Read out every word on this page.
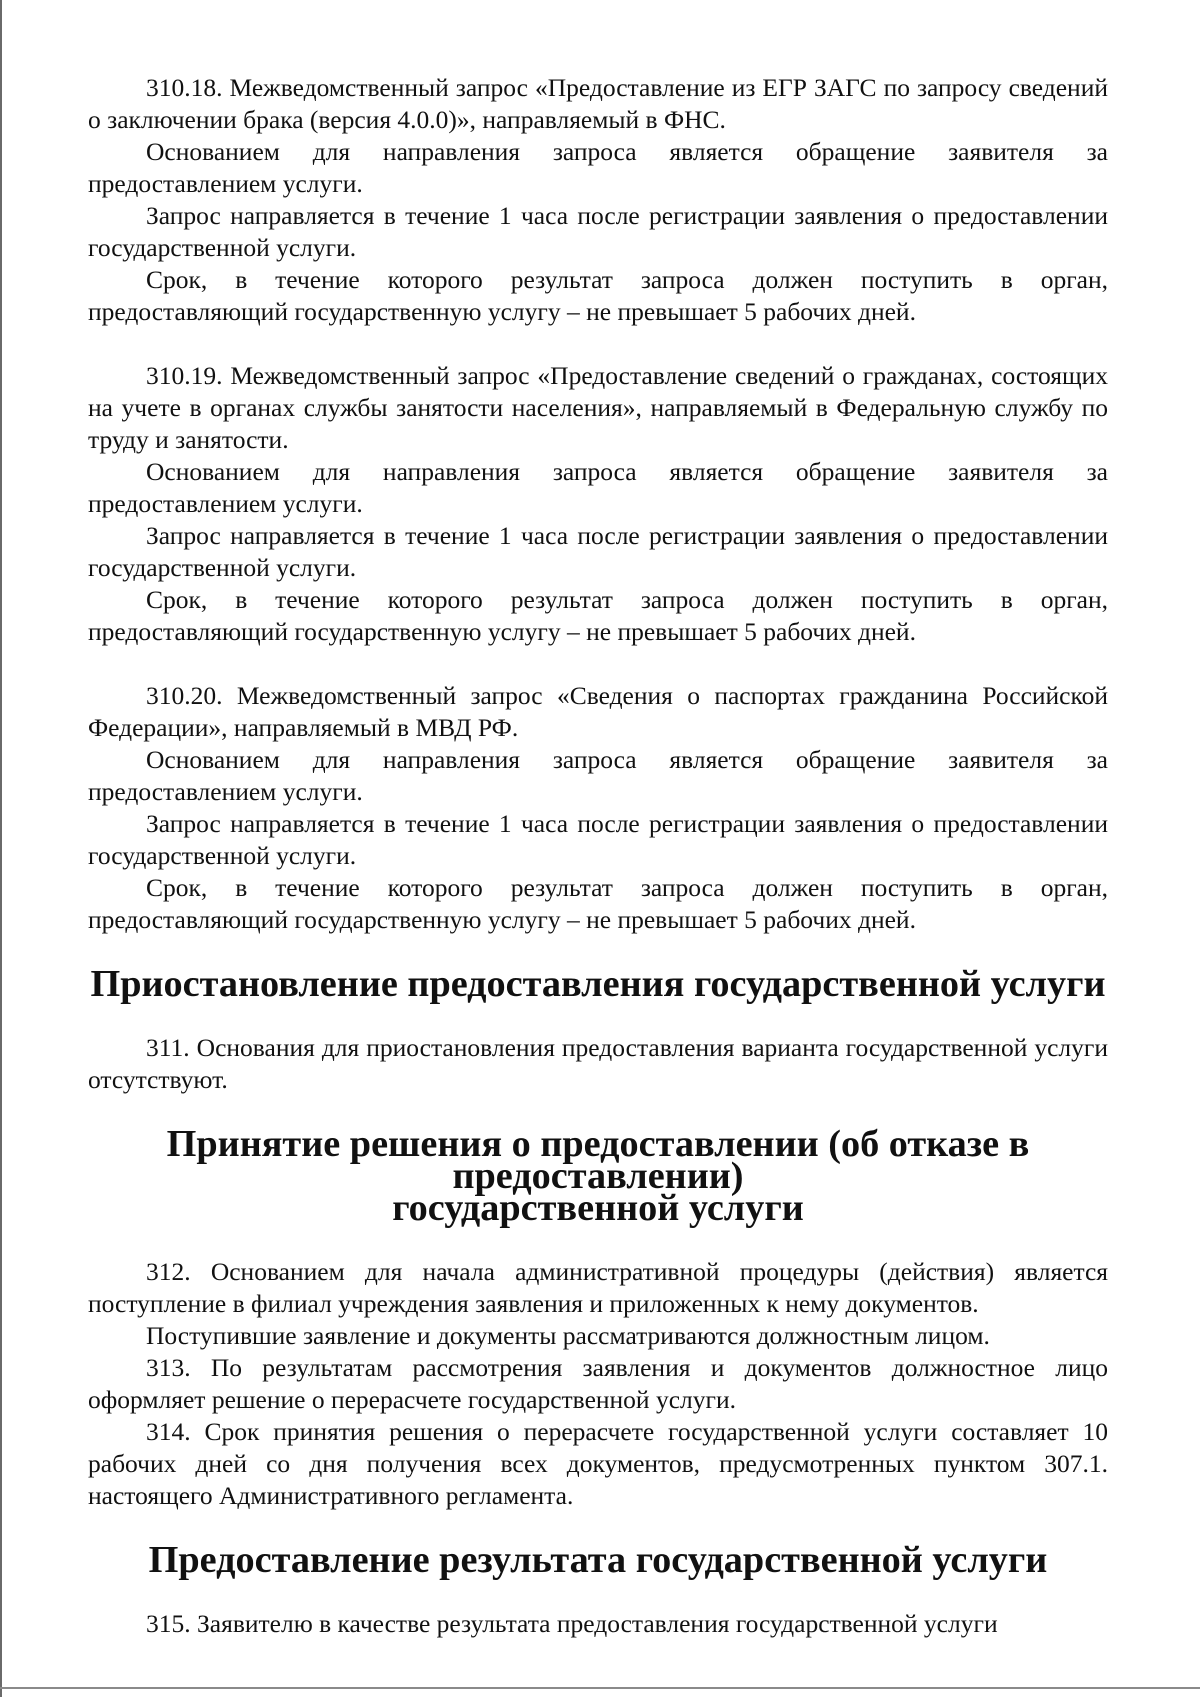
310.18. Межведомственный запрос «Предоставление из ЕГР ЗАГС по запросу сведений о заключении брака (версия 4.0.0)», направляемый в ФНС.

Основанием для направления запроса является обращение заявителя за предоставлением услуги.

Запрос направляется в течение 1 часа после регистрации заявления о предоставлении государственной услуги.

Срок, в течение которого результат запроса должен поступить в орган, предоставляющий государственную услугу – не превышает 5 рабочих дней.

310.19. Межведомственный запрос «Предоставление сведений о гражданах, состоящих на учете в органах службы занятости населения», направляемый в Федеральную службу по труду и занятости.

Основанием для направления запроса является обращение заявителя за предоставлением услуги.

Запрос направляется в течение 1 часа после регистрации заявления о предоставлении государственной услуги.

Срок, в течение которого результат запроса должен поступить в орган, предоставляющий государственную услугу – не превышает 5 рабочих дней.

310.20. Межведомственный запрос «Сведения о паспортах гражданина Российской Федерации», направляемый в МВД РФ.

Основанием для направления запроса является обращение заявителя за предоставлением услуги.

Запрос направляется в течение 1 часа после регистрации заявления о предоставлении государственной услуги.

Срок, в течение которого результат запроса должен поступить в орган, предоставляющий государственную услугу – не превышает 5 рабочих дней.

Приостановление предоставления государственной услуги

311. Основания для приостановления предоставления варианта государственной услуги отсутствуют.

Принятие решения о предоставлении (об отказе в предоставлении)
государственной услуги

312. Основанием для начала административной процедуры (действия) является поступление в филиал учреждения заявления и приложенных к нему документов.

Поступившие заявление и документы рассматриваются должностным лицом.

313. По результатам рассмотрения заявления и документов должностное лицо оформляет решение о перерасчете государственной услуги.

314. Срок принятия решения о перерасчете государственной услуги составляет 10 рабочих дней со дня получения всех документов, предусмотренных пунктом 307.1. настоящего Административного регламента.

Предоставление результата государственной услуги

315. Заявителю в качестве результата предоставления государственной услуги
